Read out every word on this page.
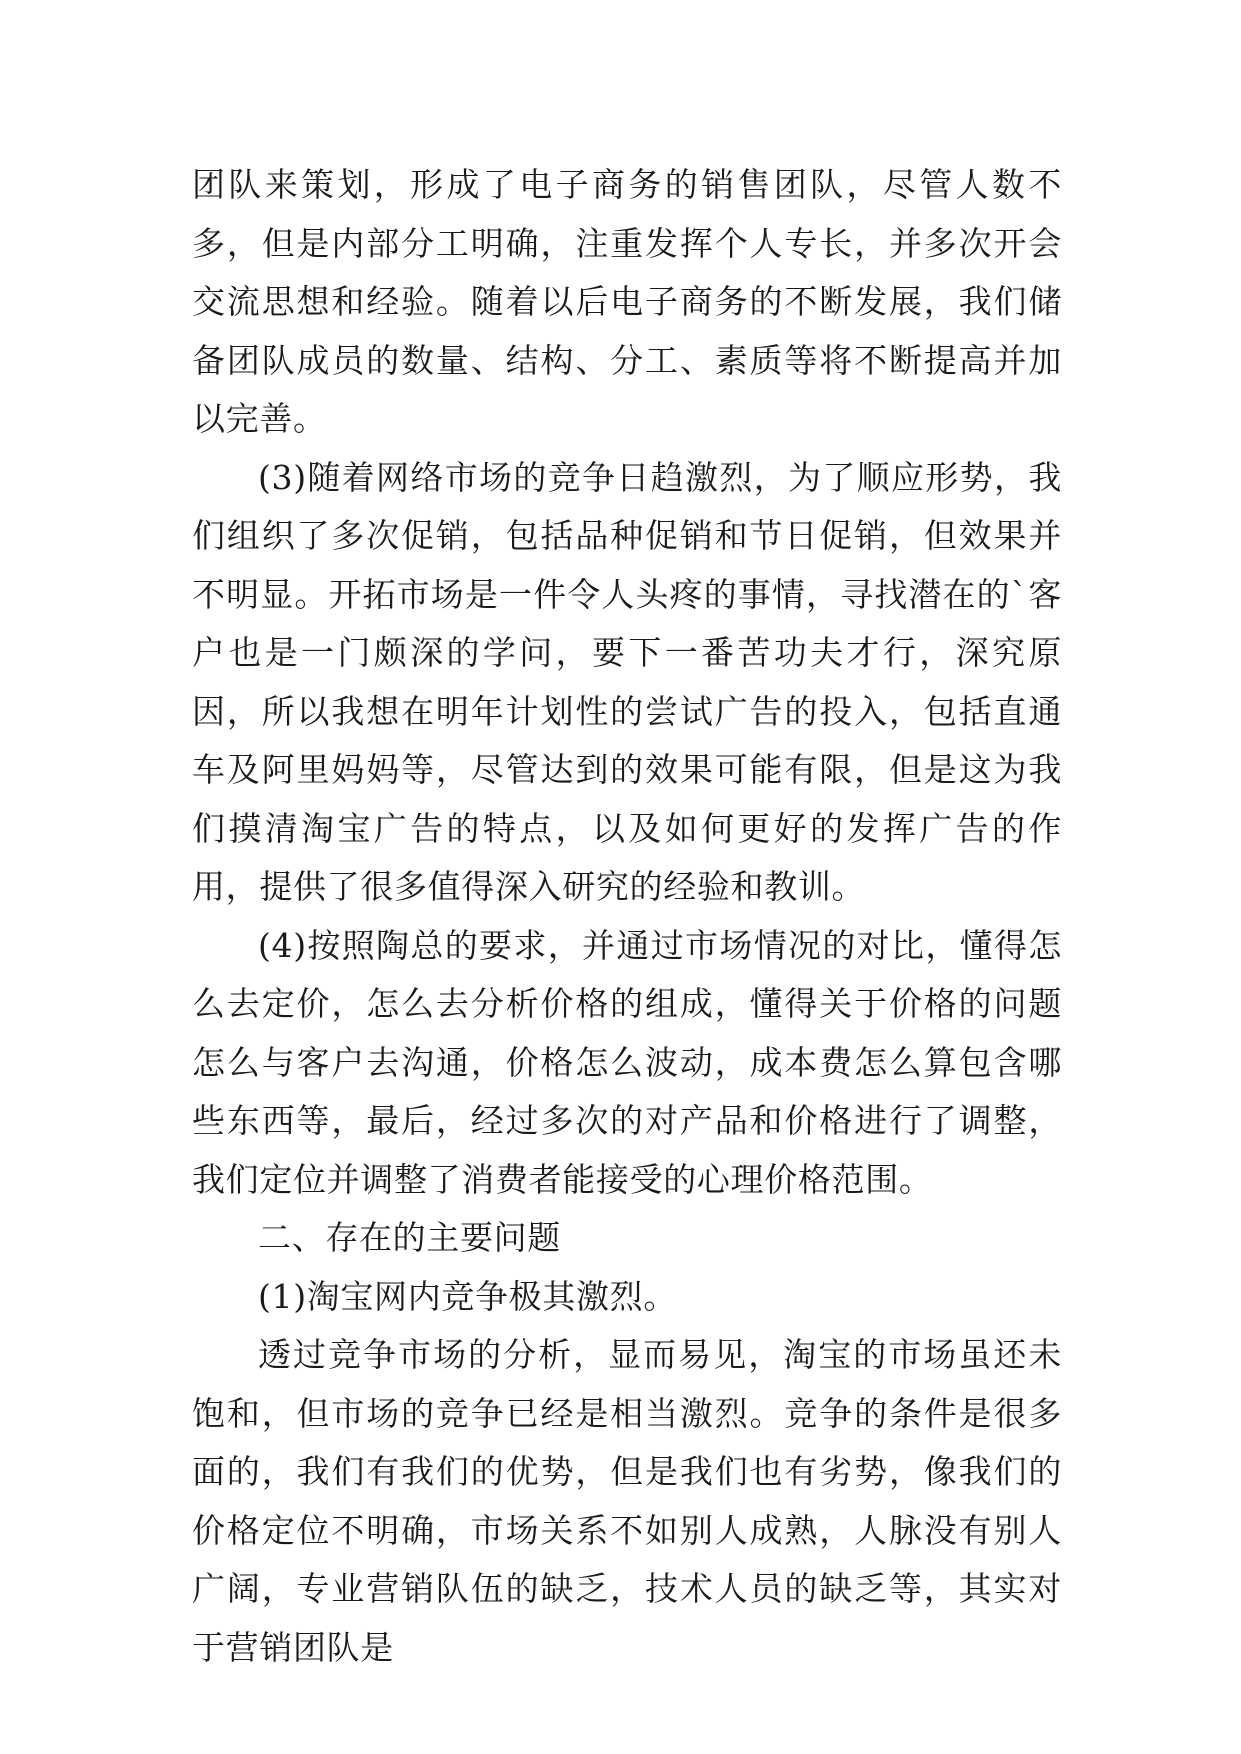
团队来策划，形成了电子商务的销售团队，尽管人数不多，但是内部分工明确，注重发挥个人专长，并多次开会交流思想和经验。随着以后电子商务的不断发展，我们储备团队成员的数量、结构、分工、素质等将不断提高并加以完善。

(3)随着网络市场的竞争日趋激烈，为了顺应形势，我们组织了多次促销，包括品种促销和节日促销，但效果并不明显。开拓市场是一件令人头疼的事情，寻找潜在的`客户也是一门颇深的学问，要下一番苦功夫才行，深究原因，所以我想在明年计划性的尝试广告的投入，包括直通车及阿里妈妈等，尽管达到的效果可能有限，但是这为我们摸清淘宝广告的特点，以及如何更好的发挥广告的作用，提供了很多值得深入研究的经验和教训。

(4)按照陶总的要求，并通过市场情况的对比，懂得怎么去定价，怎么去分析价格的组成，懂得关于价格的问题怎么与客户去沟通，价格怎么波动，成本费怎么算包含哪些东西等，最后，经过多次的对产品和价格进行了调整，我们定位并调整了消费者能接受的心理价格范围。

二、存在的主要问题

(1)淘宝网内竞争极其激烈。

透过竞争市场的分析，显而易见，淘宝的市场虽还未饱和，但市场的竞争已经是相当激烈。竞争的条件是很多面的，我们有我们的优势，但是我们也有劣势，像我们的价格定位不明确，市场关系不如别人成熟，人脉没有别人广阔，专业营销队伍的缺乏，技术人员的缺乏等，其实对于营销团队是
